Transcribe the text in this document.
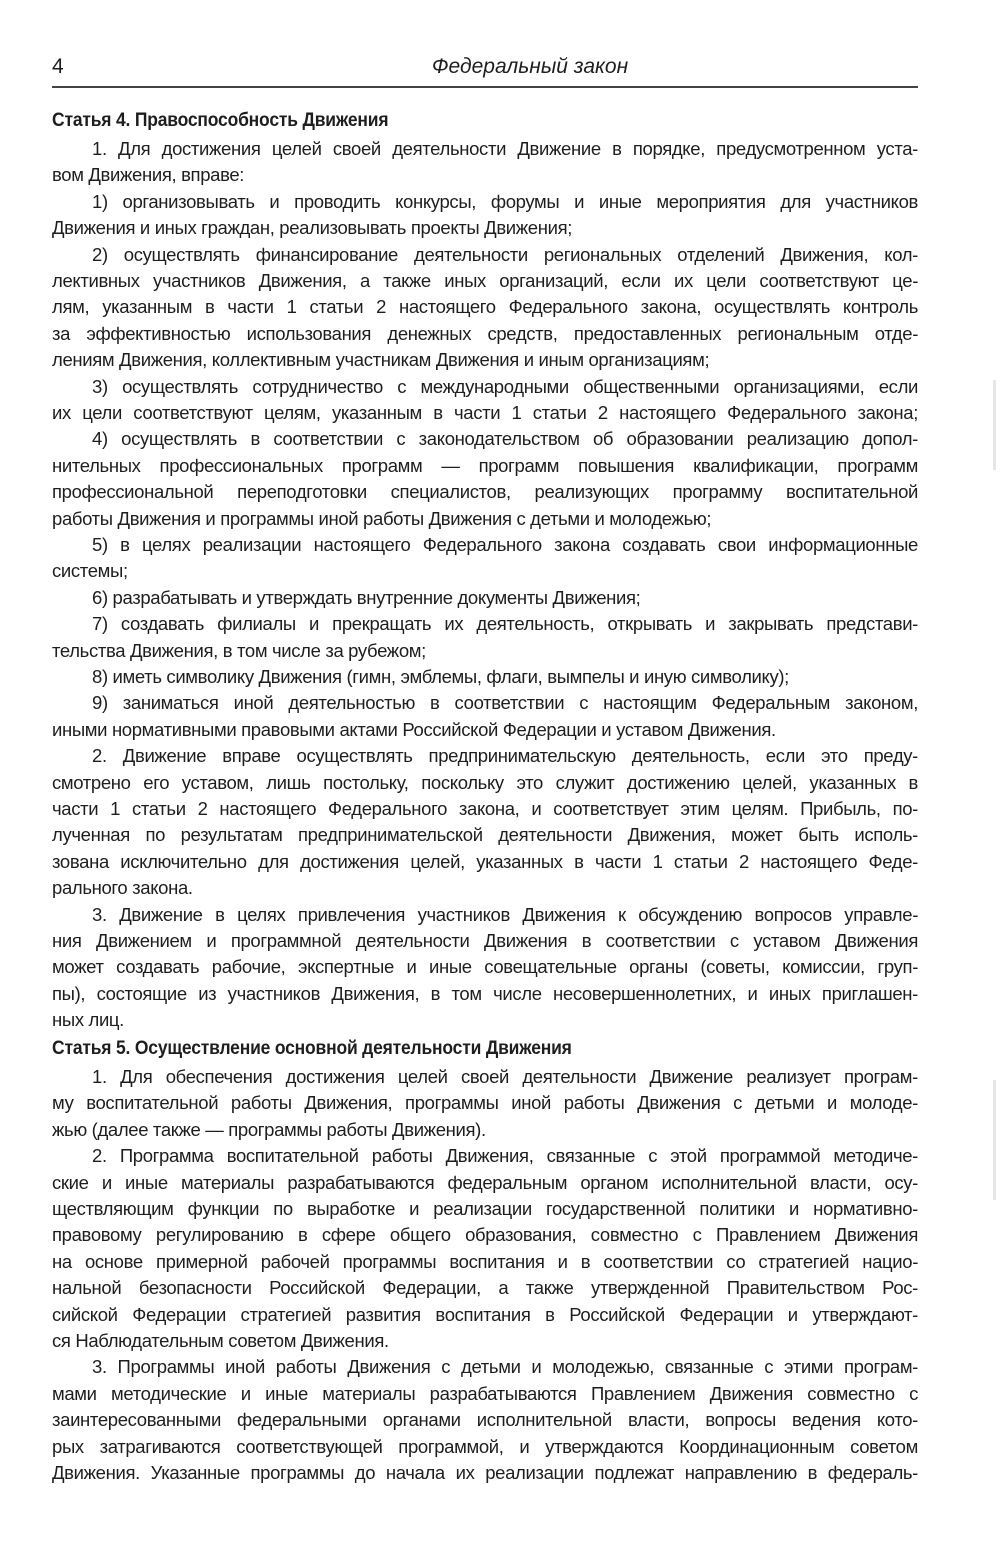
4	Федеральный закон
Статья 4. Правоспособность Движения
1. Для достижения целей своей деятельности Движение в порядке, предусмотренном уста-
вом Движения, вправе:
1) организовывать и проводить конкурсы, форумы и иные мероприятия для участников
Движения и иных граждан, реализовывать проекты Движения;
2) осуществлять финансирование деятельности региональных отделений Движения, кол-
лективных участников Движения, а также иных организаций, если их цели соответствуют це-
лям, указанным в части 1 статьи 2 настоящего Федерального закона, осуществлять контроль
за эффективностью использования денежных средств, предоставленных региональным отде-
лениям Движения, коллективным участникам Движения и иным организациям;
3) осуществлять сотрудничество с международными общественными организациями, если
их цели соответствуют целям, указанным в части 1 статьи 2 настоящего Федерального закона;
4) осуществлять в соответствии с законодательством об образовании реализацию допол-
нительных профессиональных программ — программ повышения квалификации, программ
профессиональной переподготовки специалистов, реализующих программу воспитательной
работы Движения и программы иной работы Движения с детьми и молодежью;
5) в целях реализации настоящего Федерального закона создавать свои информационные
системы;
6) разрабатывать и утверждать внутренние документы Движения;
7) создавать филиалы и прекращать их деятельность, открывать и закрывать представи-
тельства Движения, в том числе за рубежом;
8) иметь символику Движения (гимн, эмблемы, флаги, вымпелы и иную символику);
9) заниматься иной деятельностью в соответствии с настоящим Федеральным законом,
иными нормативными правовыми актами Российской Федерации и уставом Движения.
2. Движение вправе осуществлять предпринимательскую деятельность, если это преду-
смотрено его уставом, лишь постольку, поскольку это служит достижению целей, указанных в
части 1 статьи 2 настоящего Федерального закона, и соответствует этим целям. Прибыль, по-
лученная по результатам предпринимательской деятельности Движения, может быть исполь-
зована исключительно для достижения целей, указанных в части 1 статьи 2 настоящего Феде-
рального закона.
3. Движение в целях привлечения участников Движения к обсуждению вопросов управле-
ния Движением и программной деятельности Движения в соответствии с уставом Движения
может создавать рабочие, экспертные и иные совещательные органы (советы, комиссии, груп-
пы), состоящие из участников Движения, в том числе несовершеннолетних, и иных приглашен-
ных лиц.
Статья 5. Осуществление основной деятельности Движения
1. Для обеспечения достижения целей своей деятельности Движение реализует програм-
му воспитательной работы Движения, программы иной работы Движения с детьми и молоде-
жью (далее также — программы работы Движения).
2. Программа воспитательной работы Движения, связанные с этой программой методиче-
ские и иные материалы разрабатываются федеральным органом исполнительной власти, осу-
ществляющим функции по выработке и реализации государственной политики и нормативно-
правовому регулированию в сфере общего образования, совместно с Правлением Движения
на основе примерной рабочей программы воспитания и в соответствии со стратегией нацио-
нальной безопасности Российской Федерации, а также утвержденной Правительством Рос-
сийской Федерации стратегией развития воспитания в Российской Федерации и утверждают-
ся Наблюдательным советом Движения.
3. Программы иной работы Движения с детьми и молодежью, связанные с этими програм-
мами методические и иные материалы разрабатываются Правлением Движения совместно с
заинтересованными федеральными органами исполнительной власти, вопросы ведения кото-
рых затрагиваются соответствующей программой, и утверждаются Координационным советом
Движения. Указанные программы до начала их реализации подлежат направлению в федераль-
